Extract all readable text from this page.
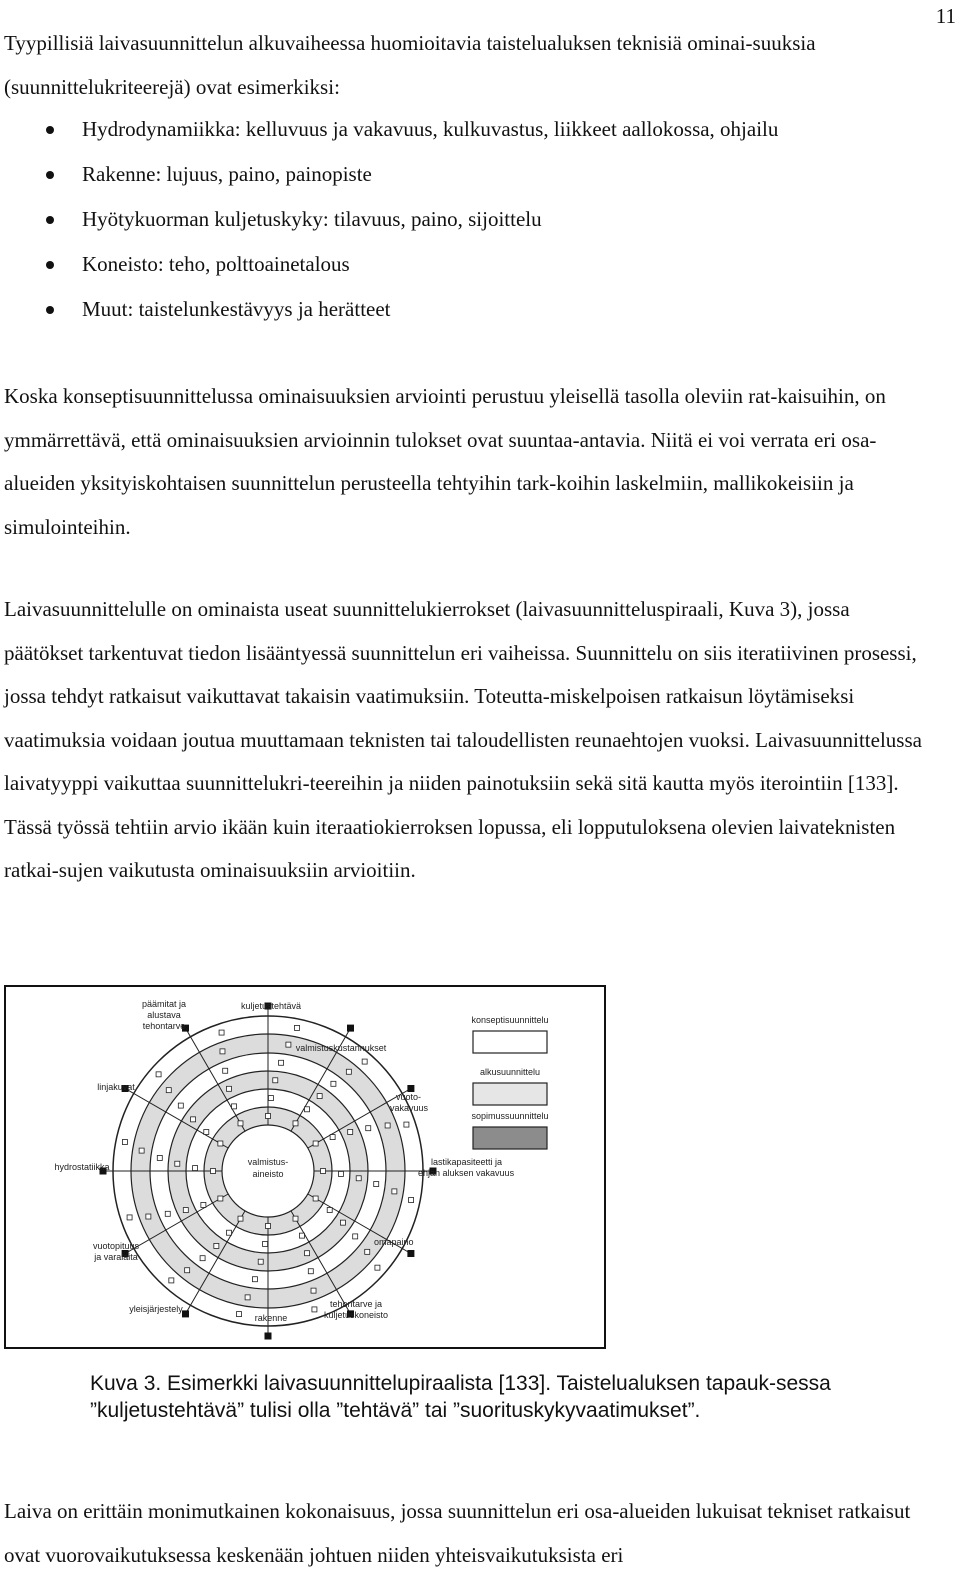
11
Tyypillisiä laivasuunnittelun alkuvaiheessa huomioitavia taistelualuksen teknisiä ominai-suuksia (suunnittelukriteerejä) ovat esimerkiksi:
Hydrodynamiikka: kelluvuus ja vakavuus, kulkuvastus, liikkeet aallokossa, ohjailu
Rakenne: lujuus, paino, painopiste
Hyötykuorman kuljetuskyky: tilavuus, paino, sijoittelu
Koneisto: teho, polttoainetalous
Muut: taistelunkestävyys ja herätteet
Koska konseptisuunnittelussa ominaisuuksien arviointi perustuu yleisellä tasolla oleviin rat-kaisuihin, on ymmärrettävä, että ominaisuuksien arvioinnin tulokset ovat suuntaa-antavia. Niitä ei voi verrata eri osa-alueiden yksityiskohtaisen suunnittelun perusteella tehtyihin tark-koihin laskelmiin, mallikokeisiin ja simulointeihin.
Laivasuunnittelulle on ominaista useat suunnittelukierrokset (laivasuunnitteluspiraali, Kuva 3), jossa päätökset tarkentuvat tiedon lisääntyessä suunnittelun eri vaiheissa. Suunnittelu on siis iteratiivinen prosessi, jossa tehdyt ratkaisut vaikuttavat takaisin vaatimuksiin. Toteutta-miskelpoisen ratkaisun löytämiseksi vaatimuksia voidaan joutua muuttamaan teknisten tai taloudellisten reunaehtojen vuoksi. Laivasuunnittelussa laivatyyppi vaikuttaa suunnittelukri-teereihin ja niiden painotuksiin sekä sitä kautta myös iterointiin [133]. Tässä työssä tehtiin arvio ikään kuin iteraatiokierroksen lopussa, eli lopputuloksena olevien laivateknisten ratkai-sujen vaikutusta ominaisuuksiin arvioitiin.
valmistus-
aineisto
päämitat ja
alustava
tehontarve
kuljetustehtävä
valmistuskustannukset
vuoto-
vakavuus
lastikapasiteetti ja
ehjän aluksen vakavuus
omapaino
tehontarve ja
kuljetuskoneisto
rakenne
yleisjärjestely
vuotopituus
ja varalaita
hydrostatiikka
linjakuvat
konseptisuunnittelu
alkusuunnittelu
sopimussuunnittelu
Kuva 3. Esimerkki laivasuunnittelupiraalista [133]. Taistelualuksen tapauk-sessa ”kuljetustehtävä” tulisi olla ”tehtävä” tai ”suorituskykyvaatimukset”.
Laiva on erittäin monimutkainen kokonaisuus, jossa suunnittelun eri osa-alueiden lukuisat tekniset ratkaisut ovat vuorovaikutuksessa keskenään johtuen niiden yhteisvaikutuksista eri
